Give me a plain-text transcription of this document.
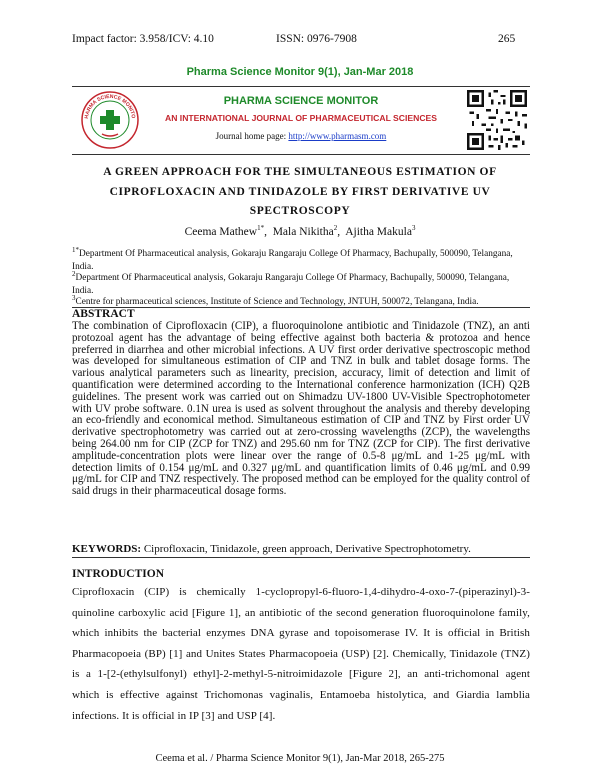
Impact factor: 3.958/ICV: 4.10	ISSN: 0976-7908	265
Pharma Science Monitor 9(1), Jan-Mar 2018
HARMA SCIENCE MONITO
PHARMA SCIENCE MONITOR
AN INTERNATIONAL JOURNAL OF PHARMACEUTICAL SCIENCES
Journal home page: http://www.pharmasm.com
A GREEN APPROACH FOR THE SIMULTANEOUS ESTIMATION OF
CIPROFLOXACIN AND TINIDAZOLE BY FIRST DERIVATIVE UV
SPECTROSCOPY
Ceema Mathew$^{1*}$,  Mala Nikitha$^2$,  Ajitha Makula$^3$
$^{1*}$Department Of Pharmaceutical analysis, Gokaraju Rangaraju College Of Pharmacy, Bachupally, 500090, Telangana, India.
$^2$Department Of Pharmaceutical analysis, Gokaraju Rangaraju College Of Pharmacy, Bachupally, 500090, Telangana, India.
$^3$Centre for pharmaceutical sciences, Institute of Science and Technology, JNTUH, 500072, Telangana, India.
ABSTRACT
The combination of Ciprofloxacin (CIP), a fluoroquinolone antibiotic and Tinidazole (TNZ), an anti protozoal agent has the advantage of being effective against both bacteria & protozoa and hence preferred in diarrhea and other microbial infections. A UV first order derivative spectroscopic method was developed for simultaneous estimation of CIP and TNZ in bulk and tablet dosage forms. The various analytical parameters such as linearity, precision, accuracy, limit of detection and limit of quantification were determined according to the International conference harmonization (ICH) Q2B guidelines. The present work was carried out on Shimadzu UV-1800 UV-Visible Spectrophotometer with UV probe software. 0.1N urea is used as solvent throughout the analysis and thereby developing an eco-friendly and economical method. Simultaneous estimation of CIP and TNZ by First order UV derivative spectrophotometry was carried out at zero-crossing wavelengths (ZCP), the wavelengths being 264.00 nm for CIP (ZCP for TNZ) and 295.60 nm for TNZ (ZCP for CIP). The first derivative amplitude-concentration plots were linear over the range of 0.5-8 μg/mL and 1-25 μg/mL with detection limits of 0.154 μg/mL and 0.327 μg/mL and quantification limits of 0.46 μg/mL and 0.99 μg/mL for CIP and TNZ respectively. The proposed method can be employed for the quality control of said drugs in their pharmaceutical dosage forms.
KEYWORDS: Ciprofloxacin, Tinidazole, green approach, Derivative Spectrophotometry.
INTRODUCTION
Ciprofloxacin (CIP) is chemically 1-cyclopropyl-6-fluoro-1,4-dihydro-4-oxo-7-(piperazinyl)-3-quinoline carboxylic acid [Figure 1], an antibiotic of the second generation fluoroquinolone family, which inhibits the bacterial enzymes DNA gyrase and topoisomerase IV. It is official in British Pharmacopoeia (BP) [1] and Unites States Pharmacopoeia (USP) [2]. Chemically, Tinidazole (TNZ) is a 1-[2-(ethylsulfonyl) ethyl]-2-methyl-5-nitroimidazole [Figure 2], an anti-trichomonal agent which is effective against Trichomonas vaginalis, Entamoeba histolytica, and Giardia lamblia infections. It is official in IP [3] and USP [4].
Ceema et al. / Pharma Science Monitor 9(1), Jan-Mar 2018, 265-275
